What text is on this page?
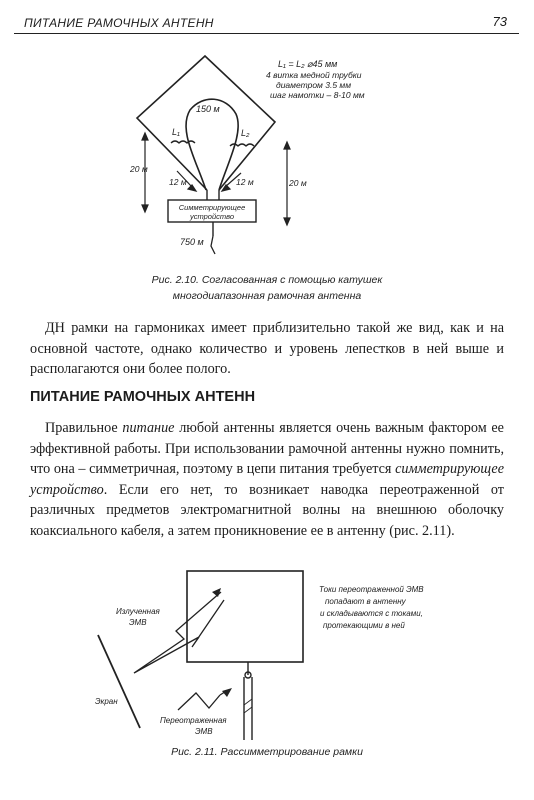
ПИТАНИЕ РАМОЧНЫХ АНТЕНН	73
L₁ = L₂ ⌀45 мм
4 витка медной трубки
диаметром 3.5 мм
шаг намотки – 8-10 мм
150 м
L₁	L₂
20 м
20 м
12 м	12 м
Симметрирующее
устройство
750 м
Рис. 2.10. Согласованная с помощью катушек
многодиапазонная рамочная антенна

ДН рамки на гармониках имеет приблизительно такой же вид, как и на основной частоте, однако количество и уровень лепестков в ней выше и располагаются они более полого.

ПИТАНИЕ РАМОЧНЫХ АНТЕНН

Правильное питание любой антенны является очень важным фактором ее эффективной работы. При использовании рамочной антенны нужно помнить, что она – симметричная, поэтому в цепи питания требуется симметрирующее устройство. Если его нет, то возникает наводка переотраженной от различных предметов электромагнитной волны на внешнюю оболочку коаксиального кабеля, а затем проникновение ее в антенну (рис. 2.11).

Токи переотраженной ЭМВ
попадают в антенну
и складываются с токами,
протекающими в ней
Излученная
ЭМВ
Экран
Переотраженная
ЭМВ
Рис. 2.11. Рассимметрирование рамки
